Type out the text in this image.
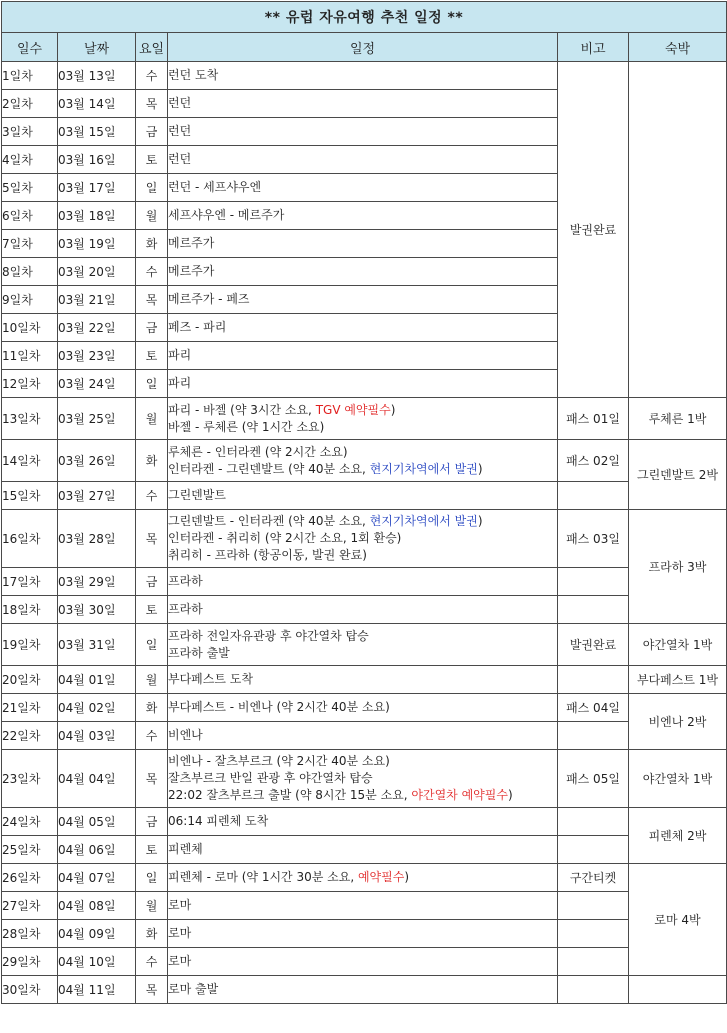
** 유럽 자유여행 추천 일정 **					
일수	날짜	요일	일정	비고	숙박
1일차	03월 13일	수	런던 도착	발권완료	
2일차	03월 14일	목	런던		

3일차	03월 15일	금	런던		

4일차	03월 16일	토	런던		

5일차	03월 17일	일	런던 - 세프샤우엔		

6일차	03월 18일	월	세프샤우엔 - 메르주가		

7일차	03월 19일	화	메르주가		

8일차	03월 20일	수	메르주가		

9일차	03월 21일	목	메르주가 - 페즈		

10일차	03월 22일	금	페즈 - 파리		

11일차	03월 23일	토	파리		

12일차	03월 24일	일	파리		

13일차	03월 25일	월	파리 - 바젤 (약 3시간 소요, TGV 예약필수)
바젤 - 루체른 (약 1시간 소요)	패스 01일	루체른 1박
14일차	03월 26일	화	루체른 - 인터라켄 (약 2시간 소요)
인터라켄 - 그린덴발트 (약 40분 소요, 현지기차역에서 발권)	패스 02일	그린덴발트 2박
15일차	03월 27일	수	그린덴발트		

16일차	03월 28일	목	그린덴발트 - 인터라켄 (약 40분 소요, 현지기차역에서 발권)
인터라켄 - 취리히 (약 2시간 소요, 1회 환승)
취리히 - 프라하 (항공이동, 발권 완료)	패스 03일	프라하 3박
17일차	03월 29일	금	프라하		

18일차	03월 30일	토	프라하		

19일차	03월 31일	일	프라하 전일자유관광 후 야간열차 탑승
프라하 출발	발권완료	야간열차 1박
20일차	04월 01일	월	부다페스트 도착		부다페스트 1박
21일차	04월 02일	화	부다페스트 - 비엔나 (약 2시간 40분 소요)	패스 04일	비엔나 2박
22일차	04월 03일	수	비엔나		

23일차	04월 04일	목	비엔나 - 잘츠부르크 (약 2시간 40분 소요)
잘츠부르크 반일 관광 후 야간열차 탑승
22:02 잘츠부르크 출발 (약 8시간 15분 소요, 야간열차 예약필수)	패스 05일	야간열차 1박
24일차	04월 05일	금	06:14 피렌체 도착		피렌체 2박
25일차	04월 06일	토	피렌체		

26일차	04월 07일	일	피렌체 - 로마 (약 1시간 30분 소요, 예약필수)	구간티켓	로마 4박
27일차	04월 08일	월	로마		

28일차	04월 09일	화	로마		

29일차	04월 10일	수	로마		

30일차	04월 11일	목	로마 출발		
